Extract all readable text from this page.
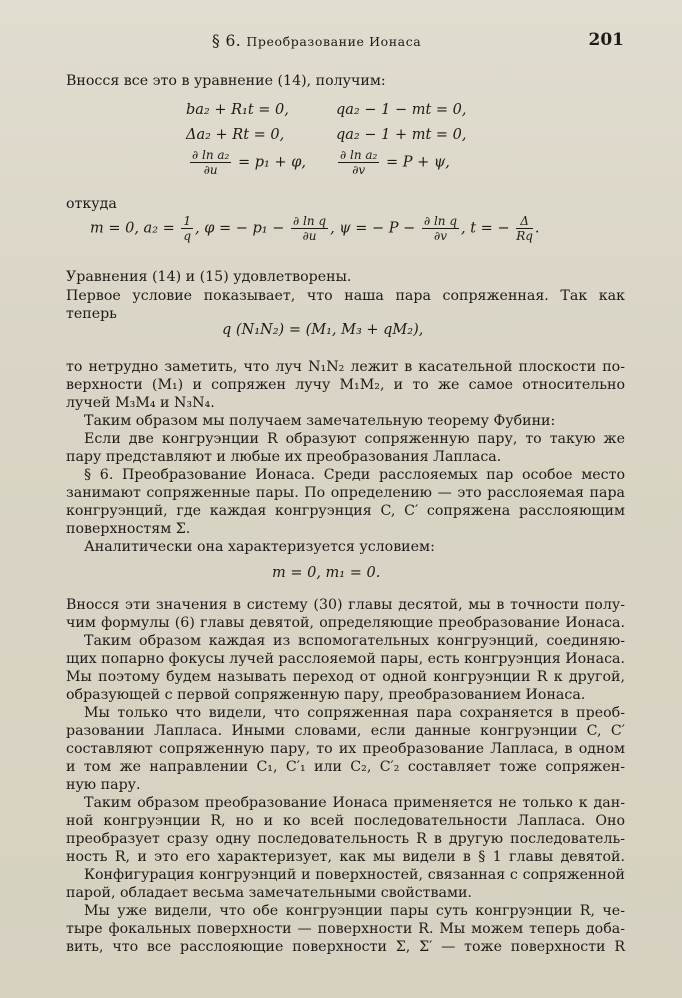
§ 6. Преобразование Ионаса	201
Вносся все это в уравнение (14), получим:
ba₂ + R₁t = 0,	qa₂ − 1 − mt = 0,
Δa₂ + Rt = 0,	qa₂ − 1 + mt = 0,
$\frac{\text{∂ ln a₂}}{\partial u} = p_1 + \varphi$,	$\frac{\text{∂ ln a₂}}{\partial v} = P + \psi$,
откуда
m = 0, $a_2 = \frac{1}{q}$ , φ = − $p_1 - \frac{\text{∂ ln q}}{\partial u}$ , ψ = − $P - \frac{\text{∂ ln q}}{\partial v}$ , t = − $\frac{\Delta}{Rq}$ .
Уравнения (14) и (15) удовлетворены.
Первое условие показывает, что наша пара сопряженная. Так как
теперь
q (N₁N₂) = (M₁, M₃ + qM₂),
то нетрудно заметить, что луч N₁N₂ лежит в касательной плоскости по-
верхности (M₁) и сопряжен лучу M₁M₂, и то же самое относительно
лучей M₃M₄ и N₃N₄.
Таким образом мы получаем замечательную теорему Фубини:
Если две конгруэнции R образуют сопряженную пару, то такую же
пару представляют и любые их преобразования Лапласа.
§ 6. Преобразование Ионаса. Среди расслояемых пар особое место
занимают сопряженные пары. По определению — это расслояемая пара
конгруэнций, где каждая конгруэнция C, C′ сопряжена расслояющим
поверхностям Σ.
Аналитически она характеризуется условием:
m = 0, m₁ = 0.
Вносся эти значения в систему (30) главы десятой, мы в точности полу-
чим формулы (6) главы девятой, определяющие преобразование Ионаса.
Таким образом каждая из вспомогательных конгруэнций, соединяю-
щих попарно фокусы лучей расслояемой пары, есть конгруэнция Ионаса.
Мы поэтому будем называть переход от одной конгруэнции R к другой,
образующей с первой сопряженную пару, преобразованием Ионаса.
Мы только что видели, что сопряженная пара сохраняется в преоб-
разовании Лапласа. Иными словами, если данные конгруэнции C, C′
составляют сопряженную пару, то их преобразование Лапласа, в одном
и том же направлении C₁, C′₁ или C₂, C′₂ составляет тоже сопряжен-
ную пару.
Таким образом преобразование Ионаса применяется не только к дан-
ной конгруэнции R, но и ко всей последовательности Лапласа. Оно
преобразует сразу одну последовательность R в другую последователь-
ность R, и это его характеризует, как мы видели в § 1 главы девятой.
Конфигурация конгруэнций и поверхностей, связанная с сопряженной
парой, обладает весьма замечательными свойствами.
Мы уже видели, что обе конгруэнции пары суть конгруэнции R, че-
тыре фокальных поверхности — поверхности R. Мы можем теперь доба-
вить, что все расслояющие поверхности Σ, Σ′ — тоже поверхности R
